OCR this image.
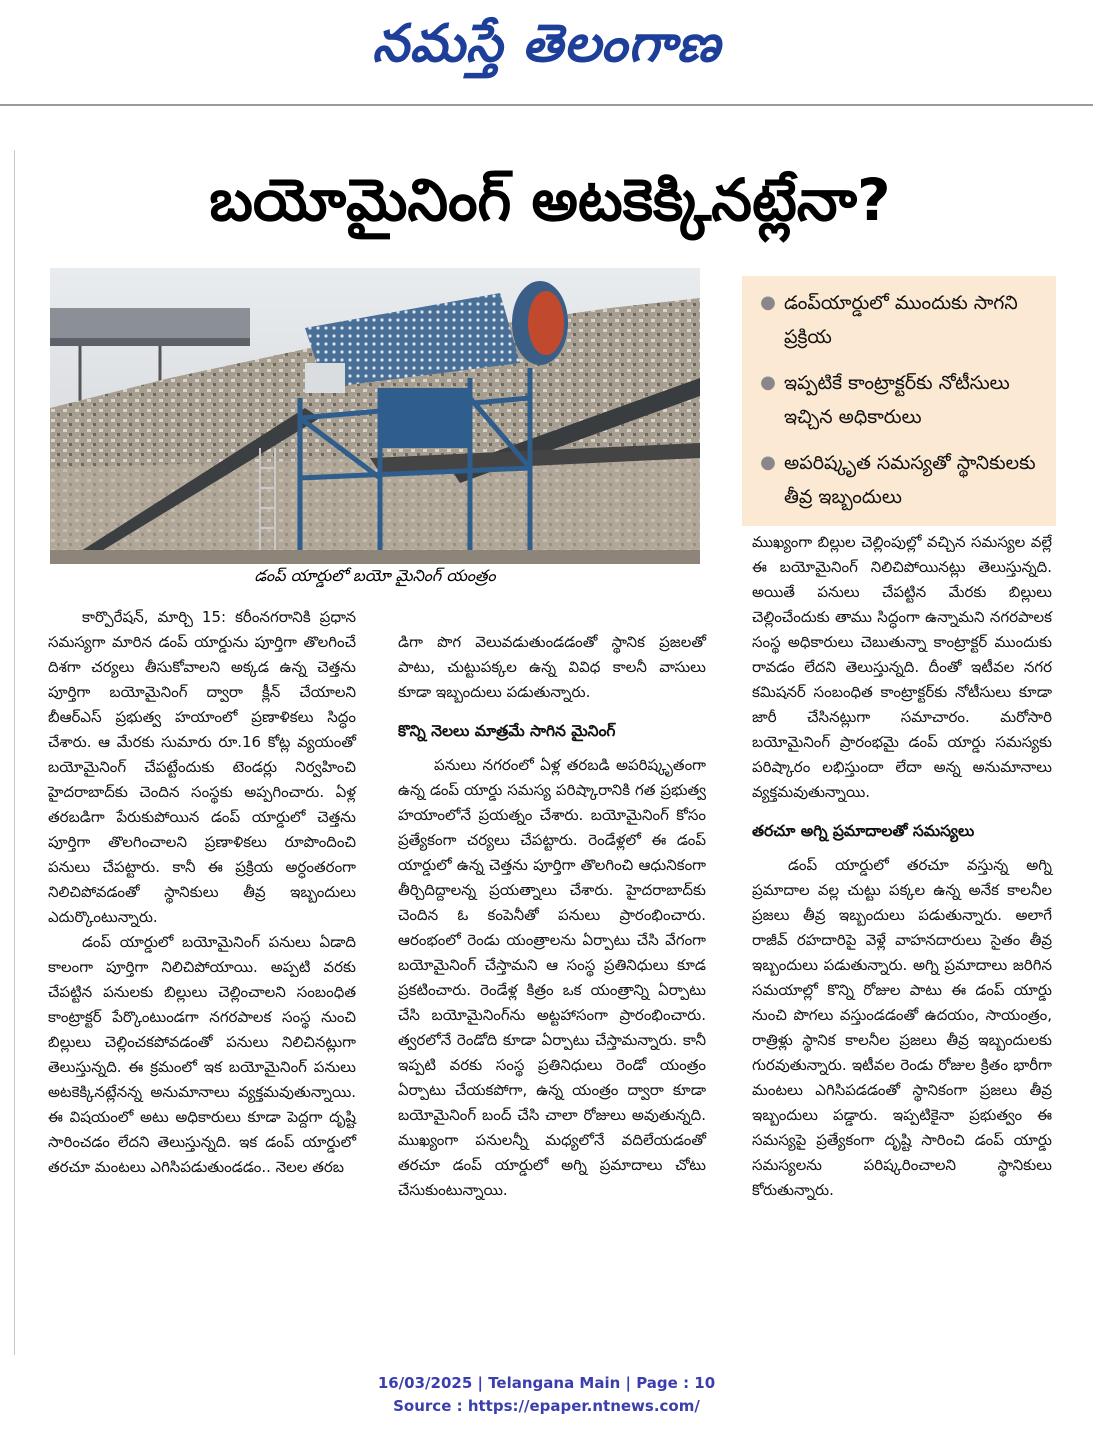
నమస్తే తెలంగాణ
బయోమైనింగ్ అటకెక్కినట్లేనా?
డంప్ యార్డులో బయో మైనింగ్ యంత్రం
● డంప్‌యార్డులో ముందుకు సాగని ప్రక్రియ
● ఇప్పటికే కాంట్రాక్టర్‌కు నోటీసులు ఇచ్చిన అధికారులు
● అపరిష్కృత సమస్యతో స్థానికులకు తీవ్ర ఇబ్బందులు

కార్పొరేషన్, మార్చి 15: కరీంనగరానికి ప్రధాన సమస్యగా మారిన డంప్ యార్డును పూర్తిగా తొలగించే దిశగా చర్యలు తీసుకోవాలని అక్కడ ఉన్న చెత్తను పూర్తిగా బయోమైనింగ్ ద్వారా క్లీన్ చేయాలని బీఆర్ఎస్ ప్రభుత్వ హయాంలో ప్రణాళికలు సిద్ధం చేశారు. ఆ మేరకు సుమారు రూ.16 కోట్ల వ్యయంతో బయోమైనింగ్ చేపట్టేందుకు టెండర్లు నిర్వహించి హైదరాబాద్‌కు చెందిన సంస్థకు అప్పగించారు. ఏళ్ల తరబడిగా పేరుకుపోయిన డంప్ యార్డులో చెత్తను పూర్తిగా తొలగించాలని ప్రణాళికలు రూపొందించి పనులు చేపట్టారు. కానీ ఈ ప్రక్రియ అర్ధంతరంగా నిలిచిపోవడంతో స్థానికులు తీవ్ర ఇబ్బందులు ఎదుర్కొంటున్నారు.

డంప్ యార్డులో బయోమైనింగ్ పనులు ఏడాది కాలంగా పూర్తిగా నిలిచిపోయాయి. అప్పటి వరకు చేపట్టిన పనులకు బిల్లులు చెల్లించాలని సంబంధిత కాంట్రాక్టర్ పేర్కొంటుండగా నగరపాలక సంస్థ నుంచి బిల్లులు చెల్లించకపోవడంతో పనులు నిలిచినట్లుగా తెలుస్తున్నది. ఈ క్రమంలో ఇక బయోమైనింగ్ పనులు అటకెక్కినట్లేనన్న అనుమానాలు వ్యక్తమవుతున్నాయి. ఈ విషయంలో అటు అధికారులు కూడా పెద్దగా దృష్టి సారించడం లేదని తెలుస్తున్నది. ఇక డంప్ యార్డులో తరచూ మంటలు ఎగిసిపడుతుండడం.. నెలల తరబ

డిగా పొగ వెలువడుతుండడంతో స్థానిక ప్రజలతో పాటు, చుట్టుపక్కల ఉన్న వివిధ కాలనీ వాసులు కూడా ఇబ్బందులు పడుతున్నారు.

కొన్ని నెలలు మాత్రమే సాగిన మైనింగ్

పనులు నగరంలో ఏళ్ల తరబడి అపరిష్కృతంగా ఉన్న డంప్ యార్డు సమస్య పరిష్కారానికి గత ప్రభుత్వ హయాంలోనే ప్రయత్నం చేశారు. బయోమైనింగ్ కోసం ప్రత్యేకంగా చర్యలు చేపట్టారు. రెండేళ్లలో ఈ డంప్ యార్డులో ఉన్న చెత్తను పూర్తిగా తొలగించి ఆధునికంగా తీర్చిదిద్దాలన్న ప్రయత్నాలు చేశారు. హైదరాబాద్‌కు చెందిన ఓ కంపెనీతో పనులు ప్రారంభించారు. ఆరంభంలో రెండు యంత్రాలను ఏర్పాటు చేసి వేగంగా బయోమైనింగ్ చేస్తామని ఆ సంస్థ ప్రతినిధులు కూడ ప్రకటించారు. రెండేళ్ల కిత్రం ఒక యంత్రాన్ని ఏర్పాటు చేసి బయోమైనింగ్‌ను అట్టహాసంగా ప్రారంభించారు. త్వరలోనే రెండోది కూడా ఏర్పాటు చేస్తామన్నారు. కానీ ఇప్పటి వరకు సంస్థ ప్రతినిధులు రెండో యంత్రం ఏర్పాటు చేయకపోగా, ఉన్న యంత్రం ద్వారా కూడా బయోమైనింగ్ బంద్ చేసి చాలా రోజులు అవుతున్నది. ముఖ్యంగా పనులన్నీ మధ్యలోనే వదిలేయడంతో తరచూ డంప్ యార్డులో అగ్ని ప్రమాదాలు చోటు చేసుకుంటున్నాయి.

ముఖ్యంగా బిల్లుల చెల్లింపుల్లో వచ్చిన సమస్యల వల్లే ఈ బయోమైనింగ్ నిలిచిపోయినట్లు తెలుస్తున్నది. అయితే పనులు చేపట్టిన మేరకు బిల్లులు చెల్లించేందుకు తాము సిద్ధంగా ఉన్నామని నగరపాలక సంస్థ అధికారులు చెబుతున్నా కాంట్రాక్టర్ ముందుకు రావడం లేదని తెలుస్తున్నది. దీంతో ఇటీవల నగర కమిషనర్ సంబంధిత కాంట్రాక్టర్‌కు నోటీసులు కూడా జారీ చేసినట్లుగా సమాచారం. మరోసారి బయోమైనింగ్ ప్రారంభమై డంప్ యార్డు సమస్యకు పరిష్కారం లభిస్తుందా లేదా అన్న అనుమానాలు వ్యక్తమవుతున్నాయి.

తరచూ అగ్ని ప్రమాదాలతో సమస్యలు

డంప్ యార్డులో తరచూ వస్తున్న అగ్ని ప్రమాదాల వల్ల చుట్టు పక్కల ఉన్న అనేక కాలనీల ప్రజలు తీవ్ర ఇబ్బందులు పడుతున్నారు. అలాగే రాజీవ్ రహదారిపై వెళ్లే వాహనదారులు సైతం తీవ్ర ఇబ్బందులు పడుతున్నారు. అగ్ని ప్రమాదాలు జరిగిన సమయాల్లో కొన్ని రోజుల పాటు ఈ డంప్ యార్డు నుంచి పొగలు వస్తుండడంతో ఉదయం, సాయంత్రం, రాత్రిళ్లు స్థానిక కాలనీల ప్రజలు తీవ్ర ఇబ్బందులకు గురవుతున్నారు. ఇటీవల రెండు రోజుల క్రితం భారీగా మంటలు ఎగిసిపడడంతో స్థానికంగా ప్రజలు తీవ్ర ఇబ్బందులు పడ్డారు. ఇప్పటికైనా ప్రభుత్వం ఈ సమస్యపై ప్రత్యేకంగా దృష్టి సారించి డంప్ యార్డు సమస్యలను పరిష్కరించాలని స్థానికులు కోరుతున్నారు.

16/03/2025 | Telangana Main | Page : 10
Source : https://epaper.ntnews.com/
